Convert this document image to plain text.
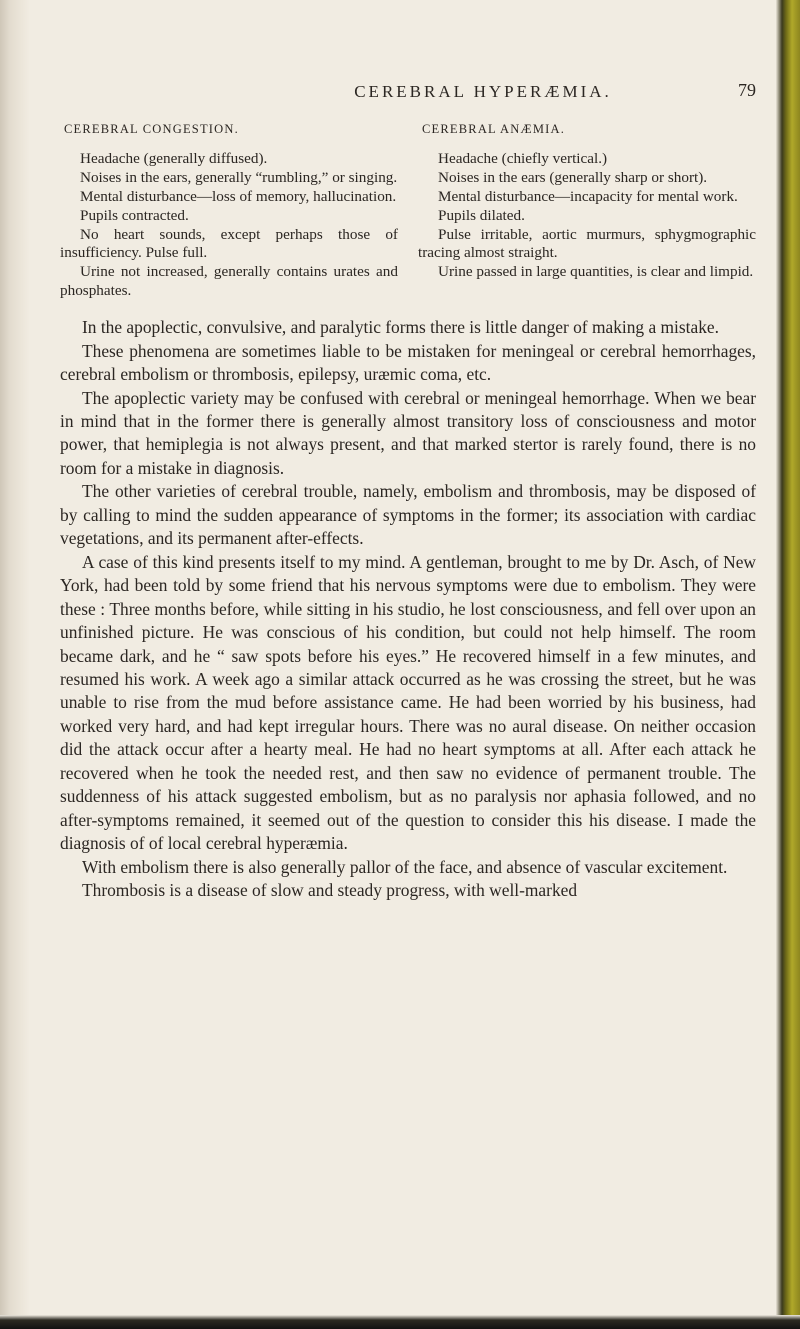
CEREBRAL HYPERÆMIA.	79
CEREBRAL CONGESTION.

Headache (generally diffused).

Noises in the ears, generally “rumbling,” or singing.

Mental disturbance—loss of memory, hallucination.

Pupils contracted.

No heart sounds, except perhaps those of insufficiency. Pulse full.

Urine not increased, generally contains urates and phosphates.

CEREBRAL ANÆMIA.

Headache (chiefly vertical.)

Noises in the ears (generally sharp or short).

Mental disturbance—incapacity for mental work.

Pupils dilated.

Pulse irritable, aortic murmurs, sphygmographic tracing almost straight.

Urine passed in large quantities, is clear and limpid.

In the apoplectic, convulsive, and paralytic forms there is little danger of making a mistake.

These phenomena are sometimes liable to be mistaken for meningeal or cerebral hemorrhages, cerebral embolism or thrombosis, epilepsy, uræmic coma, etc.

The apoplectic variety may be confused with cerebral or meningeal hemorrhage. When we bear in mind that in the former there is generally almost transitory loss of consciousness and motor power, that hemiplegia is not always present, and that marked stertor is rarely found, there is no room for a mistake in diagnosis.

The other varieties of cerebral trouble, namely, embolism and thrombosis, may be disposed of by calling to mind the sudden appearance of symptoms in the former; its association with cardiac vegetations, and its permanent after-effects.

A case of this kind presents itself to my mind. A gentleman, brought to me by Dr. Asch, of New York, had been told by some friend that his nervous symptoms were due to embolism. They were these : Three months before, while sitting in his studio, he lost consciousness, and fell over upon an unfinished picture. He was conscious of his condition, but could not help himself. The room became dark, and he “ saw spots before his eyes.” He recovered himself in a few minutes, and resumed his work. A week ago a similar attack occurred as he was crossing the street, but he was unable to rise from the mud before assistance came. He had been worried by his business, had worked very hard, and had kept irregular hours. There was no aural disease. On neither occasion did the attack occur after a hearty meal. He had no heart symptoms at all. After each attack he recovered when he took the needed rest, and then saw no evidence of permanent trouble. The suddenness of his attack suggested embolism, but as no paralysis nor aphasia followed, and no after-symptoms remained, it seemed out of the question to consider this his disease. I made the diagnosis of of local cerebral hyperæmia.

With embolism there is also generally pallor of the face, and absence of vascular excitement.

Thrombosis is a disease of slow and steady progress, with well-marked
